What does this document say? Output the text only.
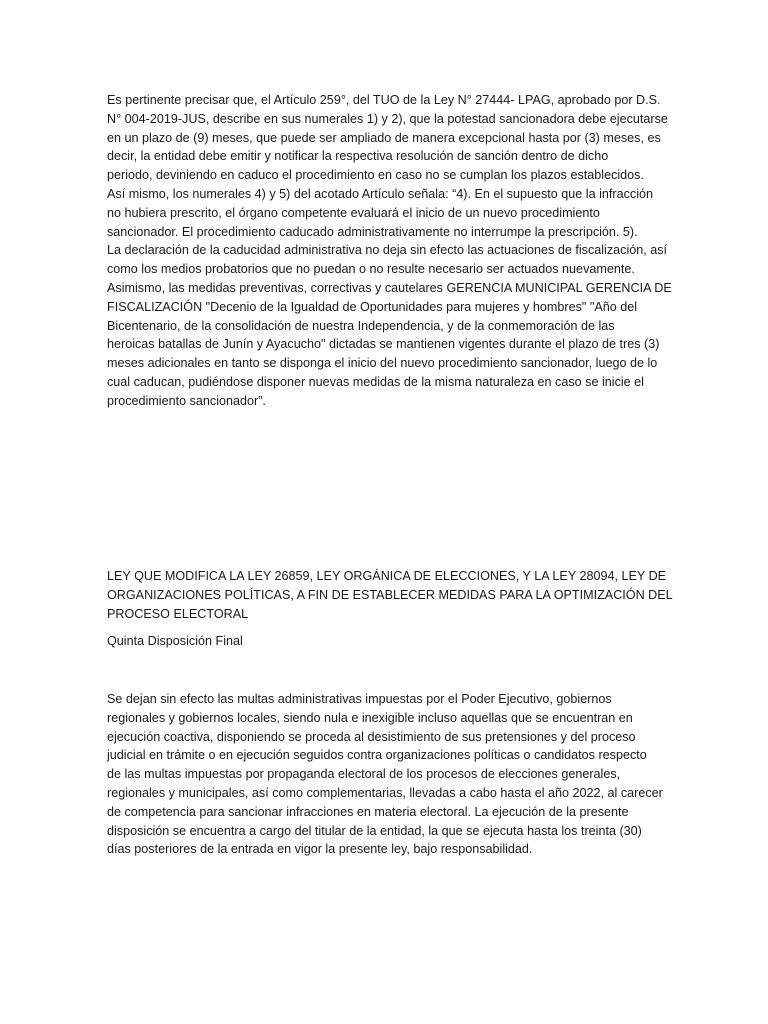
Es pertinente precisar que, el Artículo 259°, del TUO de la Ley N° 27444- LPAG, aprobado por D.S.
N° 004-2019-JUS, describe en sus numerales 1) y 2), que la potestad sancionadora debe ejecutarse
en un plazo de (9) meses, que puede ser ampliado de manera excepcional hasta por (3) meses, es
decir, la entidad debe emitir y notificar la respectiva resolución de sanción dentro de dicho
periodo, deviniendo en caduco el procedimiento en caso no se cumplan los plazos establecidos.
Así mismo, los numerales 4) y 5) del acotado Artículo señala: “4). En el supuesto que la infracción
no hubiera prescrito, el órgano competente evaluará el inicio de un nuevo procedimiento
sancionador. El procedimiento caducado administrativamente no interrumpe la prescripción. 5).
La declaración de la caducidad administrativa no deja sin efecto las actuaciones de fiscalización, así
como los medios probatorios que no puedan o no resulte necesario ser actuados nuevamente.
Asimismo, las medidas preventivas, correctivas y cautelares GERENCIA MUNICIPAL GERENCIA DE
FISCALIZACIÓN "Decenio de la Igualdad de Oportunidades para mujeres y hombres" "Año del
Bicentenario, de la consolidación de nuestra Independencia, y de la conmemoración de las
heroicas batallas de Junín y Ayacucho" dictadas se mantienen vigentes durante el plazo de tres (3)
meses adicionales en tanto se disponga el inicio del nuevo procedimiento sancionador, luego de lo
cual caducan, pudiéndose disponer nuevas medidas de la misma naturaleza en caso se inicie el
procedimiento sancionador”.

LEY QUE MODIFICA LA LEY 26859, LEY ORGÁNICA DE ELECCIONES, Y LA LEY 28094, LEY DE
ORGANIZACIONES POLÍTICAS, A FIN DE ESTABLECER MEDIDAS PARA LA OPTIMIZACIÓN DEL
PROCESO ELECTORAL

Quinta Disposición Final

Se dejan sin efecto las multas administrativas impuestas por el Poder Ejecutivo, gobiernos
regionales y gobiernos locales, siendo nula e inexigible incluso aquellas que se encuentran en
ejecución coactiva, disponiendo se proceda al desistimiento de sus pretensiones y del proceso
judicial en trámite o en ejecución seguidos contra organizaciones políticas o candidatos respecto
de las multas impuestas por propaganda electoral de los procesos de elecciones generales,
regionales y municipales, así como complementarias, llevadas a cabo hasta el año 2022, al carecer
de competencia para sancionar infracciones en materia electoral. La ejecución de la presente
disposición se encuentra a cargo del titular de la entidad, la que se ejecuta hasta los treinta (30)
días posteriores de la entrada en vigor la presente ley, bajo responsabilidad.
